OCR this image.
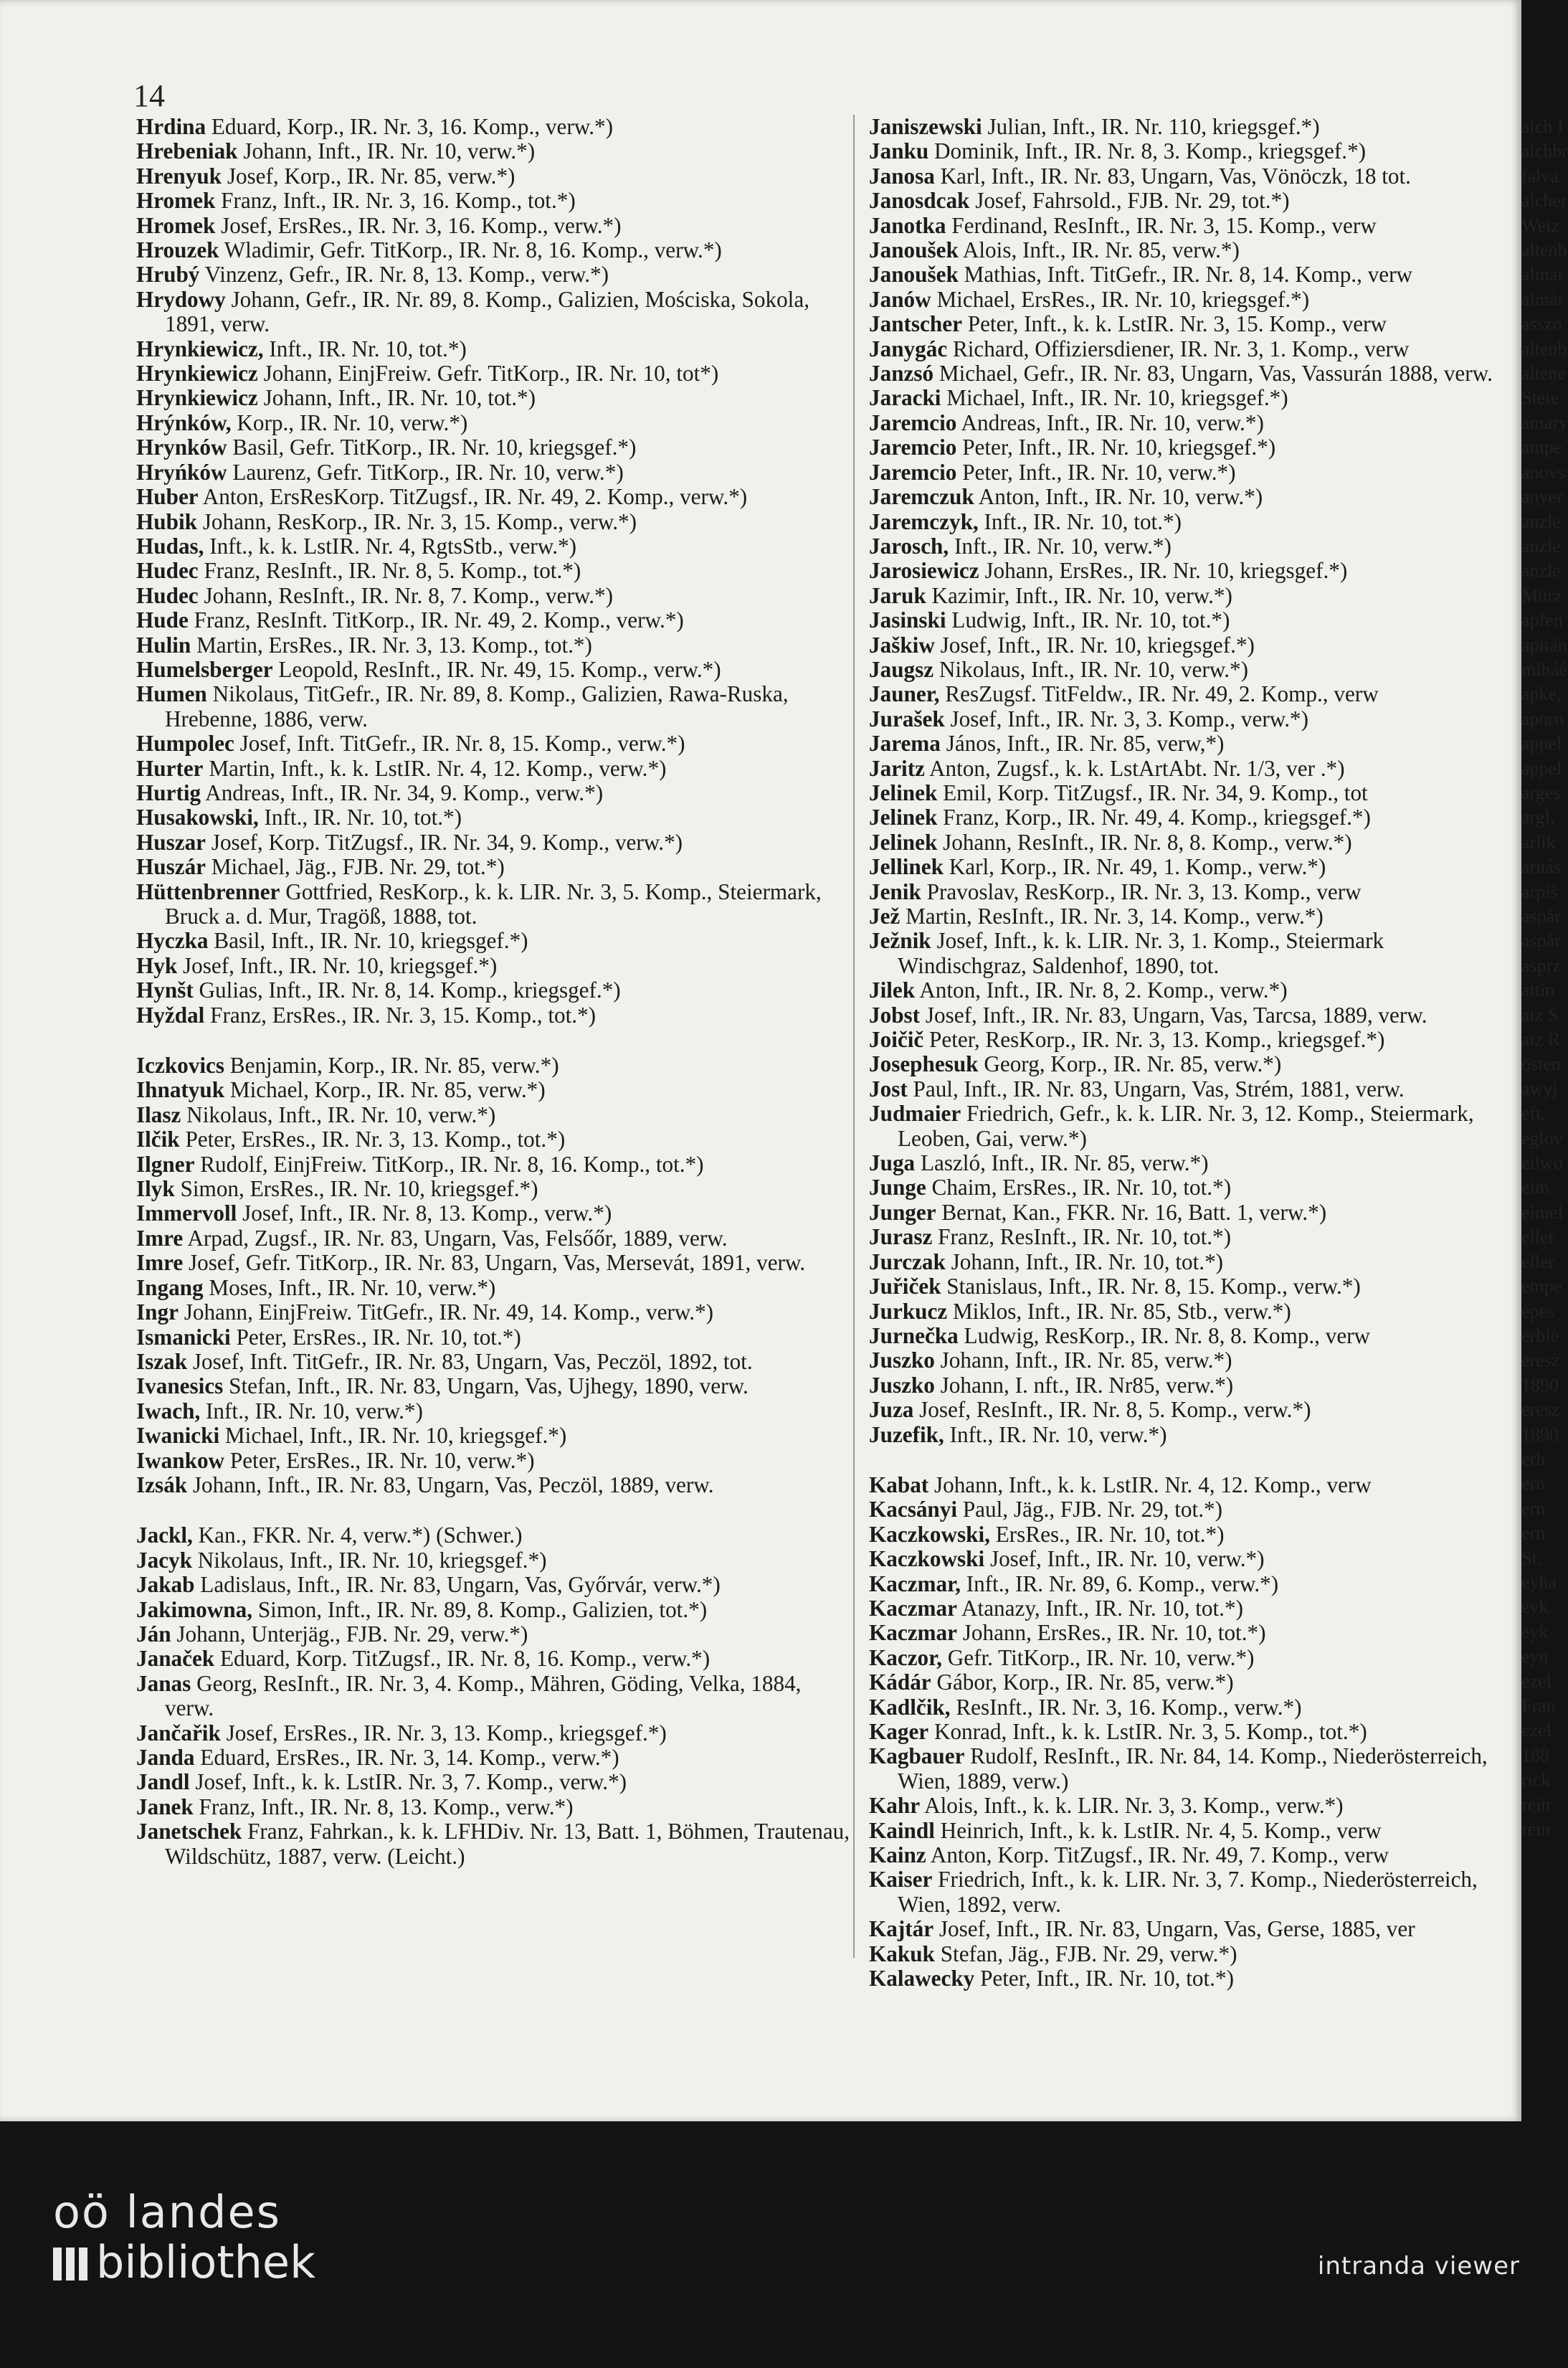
14
Hrdina Eduard, Korp., IR. Nr. 3, 16. Komp., verw.*)
Hrebeniak Johann, Inft., IR. Nr. 10, verw.*)
Hrenyuk Josef, Korp., IR. Nr. 85, verw.*)
Hromek Franz, Inft., IR. Nr. 3, 16. Komp., tot.*)
Hromek Josef, ErsRes., IR. Nr. 3, 16. Komp., verw.*)
Hrouzek Wladimir, Gefr. TitKorp., IR. Nr. 8, 16. Komp., verw.*)
Hrubý Vinzenz, Gefr., IR. Nr. 8, 13. Komp., verw.*)
Hrydowy Johann, Gefr., IR. Nr. 89, 8. Komp., Galizien, Mościska, Sokola, 1891, verw.
Hrynkiewicz, Inft., IR. Nr. 10, tot.*)
Hrynkiewicz Johann, EinjFreiw. Gefr. TitKorp., IR. Nr. 10, tot*)
Hrynkiewicz Johann, Inft., IR. Nr. 10, tot.*)
Hrýnków, Korp., IR. Nr. 10, verw.*)
Hrynków Basil, Gefr. TitKorp., IR. Nr. 10, kriegsgef.*)
Hryńków Laurenz, Gefr. TitKorp., IR. Nr. 10, verw.*)
Huber Anton, ErsResKorp. TitZugsf., IR. Nr. 49, 2. Komp., verw.*)
Hubik Johann, ResKorp., IR. Nr. 3, 15. Komp., verw.*)
Hudas, Inft., k. k. LstIR. Nr. 4, RgtsStb., verw.*)
Hudec Franz, ResInft., IR. Nr. 8, 5. Komp., tot.*)
Hudec Johann, ResInft., IR. Nr. 8, 7. Komp., verw.*)
Hude Franz, ResInft. TitKorp., IR. Nr. 49, 2. Komp., verw.*)
Hulin Martin, ErsRes., IR. Nr. 3, 13. Komp., tot.*)
Humelsberger Leopold, ResInft., IR. Nr. 49, 15. Komp., verw.*)
Humen Nikolaus, TitGefr., IR. Nr. 89, 8. Komp., Galizien, Rawa-Ruska, Hrebenne, 1886, verw.
Humpolec Josef, Inft. TitGefr., IR. Nr. 8, 15. Komp., verw.*)
Hurter Martin, Inft., k. k. LstIR. Nr. 4, 12. Komp., verw.*)
Hurtig Andreas, Inft., IR. Nr. 34, 9. Komp., verw.*)
Husakowski, Inft., IR. Nr. 10, tot.*)
Huszar Josef, Korp. TitZugsf., IR. Nr. 34, 9. Komp., verw.*)
Huszár Michael, Jäg., FJB. Nr. 29, tot.*)
Hüttenbrenner Gottfried, ResKorp., k. k. LIR. Nr. 3, 5. Komp., Steiermark, Bruck a. d. Mur, Tragöß, 1888, tot.
Hyczka Basil, Inft., IR. Nr. 10, kriegsgef.*)
Hyk Josef, Inft., IR. Nr. 10, kriegsgef.*)
Hynšt Gulias, Inft., IR. Nr. 8, 14. Komp., kriegsgef.*)
Hyždal Franz, ErsRes., IR. Nr. 3, 15. Komp., tot.*)
Iczkovics Benjamin, Korp., IR. Nr. 85, verw.*)
Ihnatyuk Michael, Korp., IR. Nr. 85, verw.*)
Ilasz Nikolaus, Inft., IR. Nr. 10, verw.*)
Ilčik Peter, ErsRes., IR. Nr. 3, 13. Komp., tot.*)
Ilgner Rudolf, EinjFreiw. TitKorp., IR. Nr. 8, 16. Komp., tot.*)
Ilyk Simon, ErsRes., IR. Nr. 10, kriegsgef.*)
Immervoll Josef, Inft., IR. Nr. 8, 13. Komp., verw.*)
Imre Arpad, Zugsf., IR. Nr. 83, Ungarn, Vas, Felsőőr, 1889, verw.
Imre Josef, Gefr. TitKorp., IR. Nr. 83, Ungarn, Vas, Mersevát, 1891, verw.
Ingang Moses, Inft., IR. Nr. 10, verw.*)
Ingr Johann, EinjFreiw. TitGefr., IR. Nr. 49, 14. Komp., verw.*)
Ismanicki Peter, ErsRes., IR. Nr. 10, tot.*)
Iszak Josef, Inft. TitGefr., IR. Nr. 83, Ungarn, Vas, Peczöl, 1892, tot.
Ivanesics Stefan, Inft., IR. Nr. 83, Ungarn, Vas, Ujhegy, 1890, verw.
Iwach, Inft., IR. Nr. 10, verw.*)
Iwanicki Michael, Inft., IR. Nr. 10, kriegsgef.*)
Iwankow Peter, ErsRes., IR. Nr. 10, verw.*)
Izsák Johann, Inft., IR. Nr. 83, Ungarn, Vas, Peczöl, 1889, verw.
Jackl, Kan., FKR. Nr. 4, verw.*) (Schwer.)
Jacyk Nikolaus, Inft., IR. Nr. 10, kriegsgef.*)
Jakab Ladislaus, Inft., IR. Nr. 83, Ungarn, Vas, Győrvár, verw.*)
Jakimowna, Simon, Inft., IR. Nr. 89, 8. Komp., Galizien, tot.*)
Ján Johann, Unterjäg., FJB. Nr. 29, verw.*)
Janaček Eduard, Korp. TitZugsf., IR. Nr. 8, 16. Komp., verw.*)
Janas Georg, ResInft., IR. Nr. 3, 4. Komp., Mähren, Göding, Velka, 1884, verw.
Jančařik Josef, ErsRes., IR. Nr. 3, 13. Komp., kriegsgef.*)
Janda Eduard, ErsRes., IR. Nr. 3, 14. Komp., verw.*)
Jandl Josef, Inft., k. k. LstIR. Nr. 3, 7. Komp., verw.*)
Janek Franz, Inft., IR. Nr. 8, 13. Komp., verw.*)
Janetschek Franz, Fahrkan., k. k. LFHDiv. Nr. 13, Batt. 1, Böhmen, Trautenau, Wildschütz, 1887, verw. (Leicht.)
Janiszewski Julian, Inft., IR. Nr. 110, kriegsgef.*)
Janku Dominik, Inft., IR. Nr. 8, 3. Komp., kriegsgef.*)
Janosa Karl, Inft., IR. Nr. 83, Ungarn, Vas, Vönöczk, 18 tot.
Janosdcak Josef, Fahrsold., FJB. Nr. 29, tot.*)
Janotka Ferdinand, ResInft., IR. Nr. 3, 15. Komp., verw
Janoušek Alois, Inft., IR. Nr. 85, verw.*)
Janoušek Mathias, Inft. TitGefr., IR. Nr. 8, 14. Komp., verw
Janów Michael, ErsRes., IR. Nr. 10, kriegsgef.*)
Jantscher Peter, Inft., k. k. LstIR. Nr. 3, 15. Komp., verw
Janygác Richard, Offiziersdiener, IR. Nr. 3, 1. Komp., verw
Janzsó Michael, Gefr., IR. Nr. 83, Ungarn, Vas, Vassurán 1888, verw.
Jaracki Michael, Inft., IR. Nr. 10, kriegsgef.*)
Jaremcio Andreas, Inft., IR. Nr. 10, verw.*)
Jaremcio Peter, Inft., IR. Nr. 10, kriegsgef.*)
Jaremcio Peter, Inft., IR. Nr. 10, verw.*)
Jaremczuk Anton, Inft., IR. Nr. 10, verw.*)
Jaremczyk, Inft., IR. Nr. 10, tot.*)
Jarosch, Inft., IR. Nr. 10, verw.*)
Jarosiewicz Johann, ErsRes., IR. Nr. 10, kriegsgef.*)
Jaruk Kazimir, Inft., IR. Nr. 10, verw.*)
Jasinski Ludwig, Inft., IR. Nr. 10, tot.*)
Jaškiw Josef, Inft., IR. Nr. 10, kriegsgef.*)
Jaugsz Nikolaus, Inft., IR. Nr. 10, verw.*)
Jauner, ResZugsf. TitFeldw., IR. Nr. 49, 2. Komp., verw
Jurašek Josef, Inft., IR. Nr. 3, 3. Komp., verw.*)
Jarema János, Inft., IR. Nr. 85, verw,*)
Jaritz Anton, Zugsf., k. k. LstArtAbt. Nr. 1/3, ver .*)
Jelinek Emil, Korp. TitZugsf., IR. Nr. 34, 9. Komp., tot
Jelinek Franz, Korp., IR. Nr. 49, 4. Komp., kriegsgef.*)
Jelinek Johann, ResInft., IR. Nr. 8, 8. Komp., verw.*)
Jellinek Karl, Korp., IR. Nr. 49, 1. Komp., verw.*)
Jenik Pravoslav, ResKorp., IR. Nr. 3, 13. Komp., verw
Jež Martin, ResInft., IR. Nr. 3, 14. Komp., verw.*)
Ježnik Josef, Inft., k. k. LIR. Nr. 3, 1. Komp., Steiermark Windischgraz, Saldenhof, 1890, tot.
Jilek Anton, Inft., IR. Nr. 8, 2. Komp., verw.*)
Jobst Josef, Inft., IR. Nr. 83, Ungarn, Vas, Tarcsa, 1889, verw.
Joičič Peter, ResKorp., IR. Nr. 3, 13. Komp., kriegsgef.*)
Josephesuk Georg, Korp., IR. Nr. 85, verw.*)
Jost Paul, Inft., IR. Nr. 83, Ungarn, Vas, Strém, 1881, verw.
Judmaier Friedrich, Gefr., k. k. LIR. Nr. 3, 12. Komp., Steiermark, Leoben, Gai, verw.*)
Juga Laszló, Inft., IR. Nr. 85, verw.*)
Junge Chaim, ErsRes., IR. Nr. 10, tot.*)
Junger Bernat, Kan., FKR. Nr. 16, Batt. 1, verw.*)
Jurasz Franz, ResInft., IR. Nr. 10, tot.*)
Jurczak Johann, Inft., IR. Nr. 10, tot.*)
Juřiček Stanislaus, Inft., IR. Nr. 8, 15. Komp., verw.*)
Jurkucz Miklos, Inft., IR. Nr. 85, Stb., verw.*)
Jurnečka Ludwig, ResKorp., IR. Nr. 8, 8. Komp., verw
Juszko Johann, Inft., IR. Nr. 85, verw.*)
Juszko Johann, I. nft., IR. Nr85, verw.*)
Juza Josef, ResInft., IR. Nr. 8, 5. Komp., verw.*)
Juzefik, Inft., IR. Nr. 10, verw.*)
Kabat Johann, Inft., k. k. LstIR. Nr. 4, 12. Komp., verw
Kacsányi Paul, Jäg., FJB. Nr. 29, tot.*)
Kaczkowski, ErsRes., IR. Nr. 10, tot.*)
Kaczkowski Josef, Inft., IR. Nr. 10, verw.*)
Kaczmar, Inft., IR. Nr. 89, 6. Komp., verw.*)
Kaczmar Atanazy, Inft., IR. Nr. 10, tot.*)
Kaczmar Johann, ErsRes., IR. Nr. 10, tot.*)
Kaczor, Gefr. TitKorp., IR. Nr. 10, verw.*)
Kádár Gábor, Korp., IR. Nr. 85, verw.*)
Kadlčik, ResInft., IR. Nr. 3, 16. Komp., verw.*)
Kager Konrad, Inft., k. k. LstIR. Nr. 3, 5. Komp., tot.*)
Kagbauer Rudolf, ResInft., IR. Nr. 84, 14. Komp., Niederösterreich, Wien, 1889, verw.)
Kahr Alois, Inft., k. k. LIR. Nr. 3, 3. Komp., verw.*)
Kaindl Heinrich, Inft., k. k. LstIR. Nr. 4, 5. Komp., verw
Kainz Anton, Korp. TitZugsf., IR. Nr. 49, 7. Komp., verw
Kaiser Friedrich, Inft., k. k. LIR. Nr. 3, 7. Komp., Niederösterreich, Wien, 1892, verw.
Kajtár Josef, Inft., IR. Nr. 83, Ungarn, Vas, Gerse, 1885, ver
Kakuk Stefan, Jäg., FJB. Nr. 29, verw.*)
Kalawecky Peter, Inft., IR. Nr. 10, tot.*)
alch I
alchbr
falva
alcher
Weiz
altenb
almar
almár
asszo
altenb
altene
Steie
amary
ampe
anovs
anyer
anzle
anzle
anzle
Mürz
apfen
apitán
miháé
apke,
aporn
appel
appel
arges
argl,
arlik
arnás
arpiš
aspár
aspár
asprz
attin
atz S
atz R
östen
awyj
eft,
eglov
eilwo
eim
eimel
eller
eller
empe
epes
erble
eresz
1890
eresz
1890
erh
ern
ern
ern
St.
eyha
eyk
eyk
eyn
ezel
Fran
ezel
188
rick
rein
rein
oö landes
bibliothek	intranda viewer
